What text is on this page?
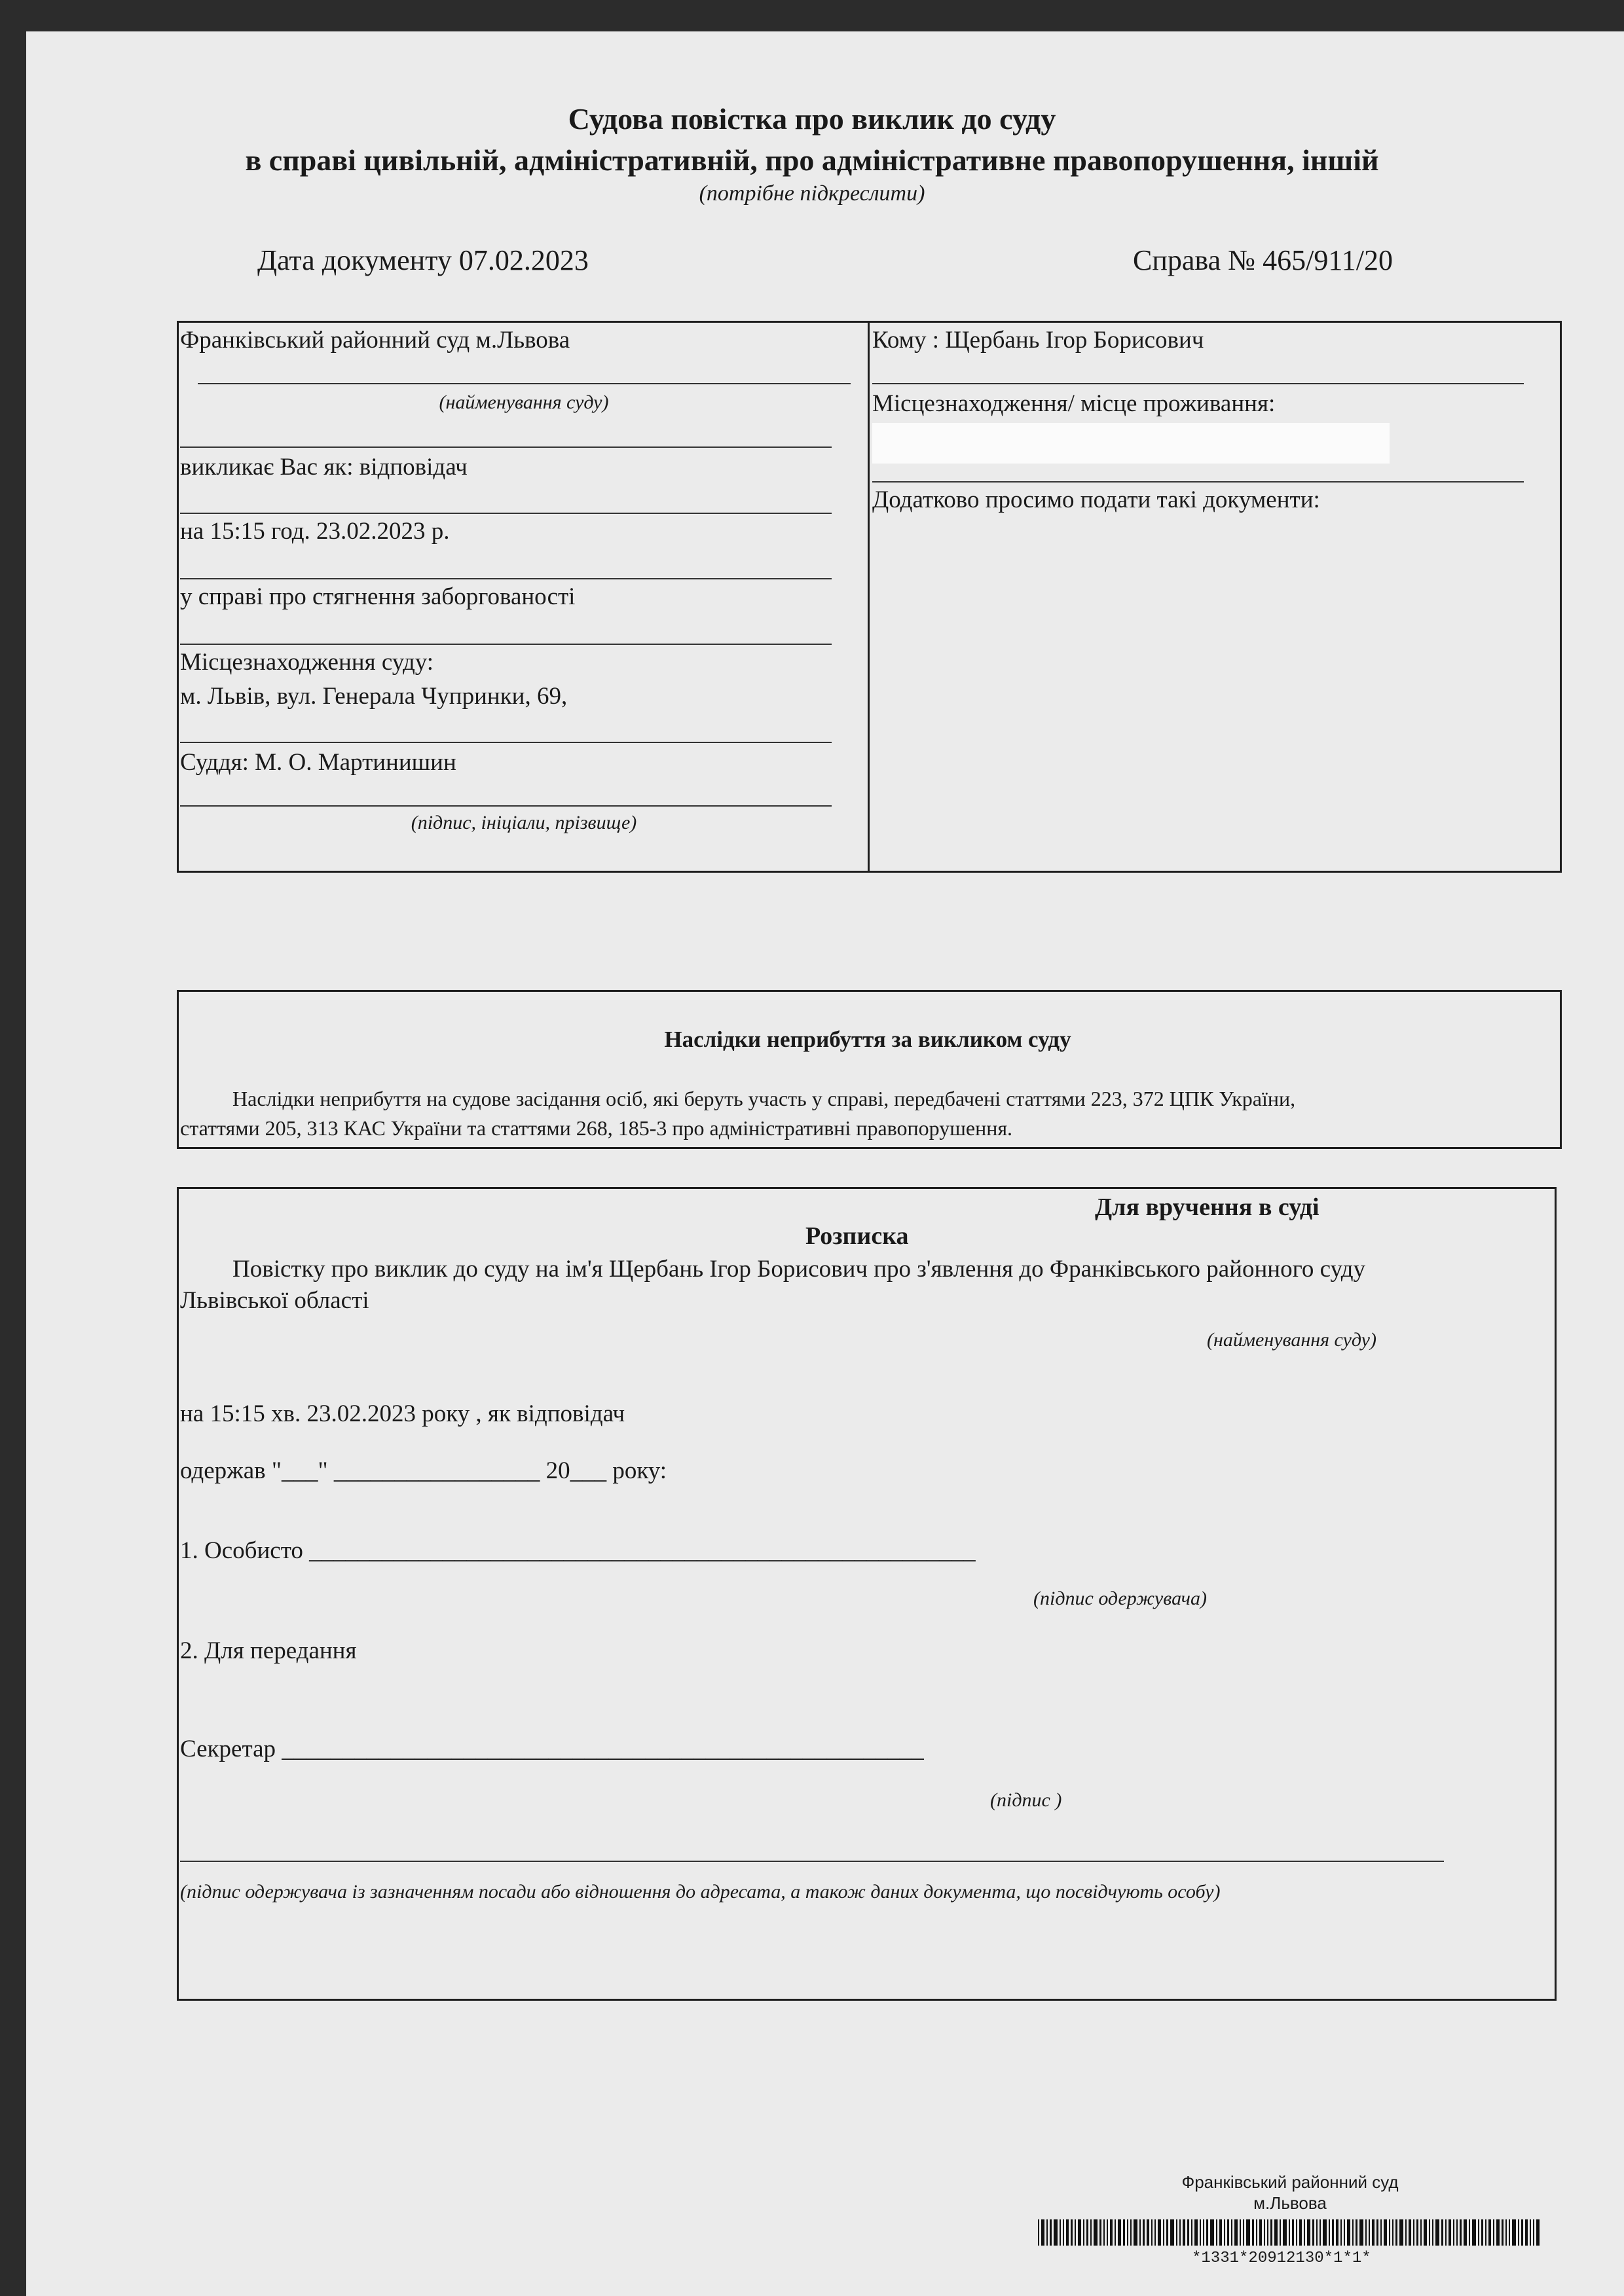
Судова повістка про виклик до суду
в справі цивільній, адміністративній, про адміністративне правопорушення, іншій
(потрібне підкреслити)
Дата документу 07.02.2023	Справа № 465/911/20
Франківський районний суд м.Львова
(найменування суду)
викликає Вас як: відповідач
на 15:15 год. 23.02.2023 р.
у справі про стягнення заборгованості
Місцезнаходження суду:
м. Львів, вул. Генерала Чупринки, 69,
Суддя: М. О. Мартинишин
(підпис, ініціали, прізвище)
Кому : Щербань Ігор Борисович
Місцезнаходження/ місце проживання:
Додатково просимо подати такі документи:
Наслідки неприбуття за викликом суду
Наслідки неприбуття на судове засідання осіб, які беруть участь у справі, передбачені статтями 223, 372 ЦПК України,
статтями 205, 313 КАС України та статтями 268, 185-3 про адміністративні правопорушення.
Для вручення в суді
Розписка
Повістку про виклик до суду на ім'я Щербань Ігор Борисович про з'явлення до Франківського районного суду
Львівської області
(найменування суду)
на 15:15 хв. 23.02.2023 року , як відповідач
одержав "___" _________________ 20___ року:
1. Особисто _______________________________________________________
(підпис одержувача)
2. Для передання
Секретар _____________________________________________________
(підпис )
(підпис одержувача із зазначенням посади або відношення до адресата, а також даних документа, що посвідчують особу)
Франківський районний суд
м.Львова
*1331*20912130*1*1*
